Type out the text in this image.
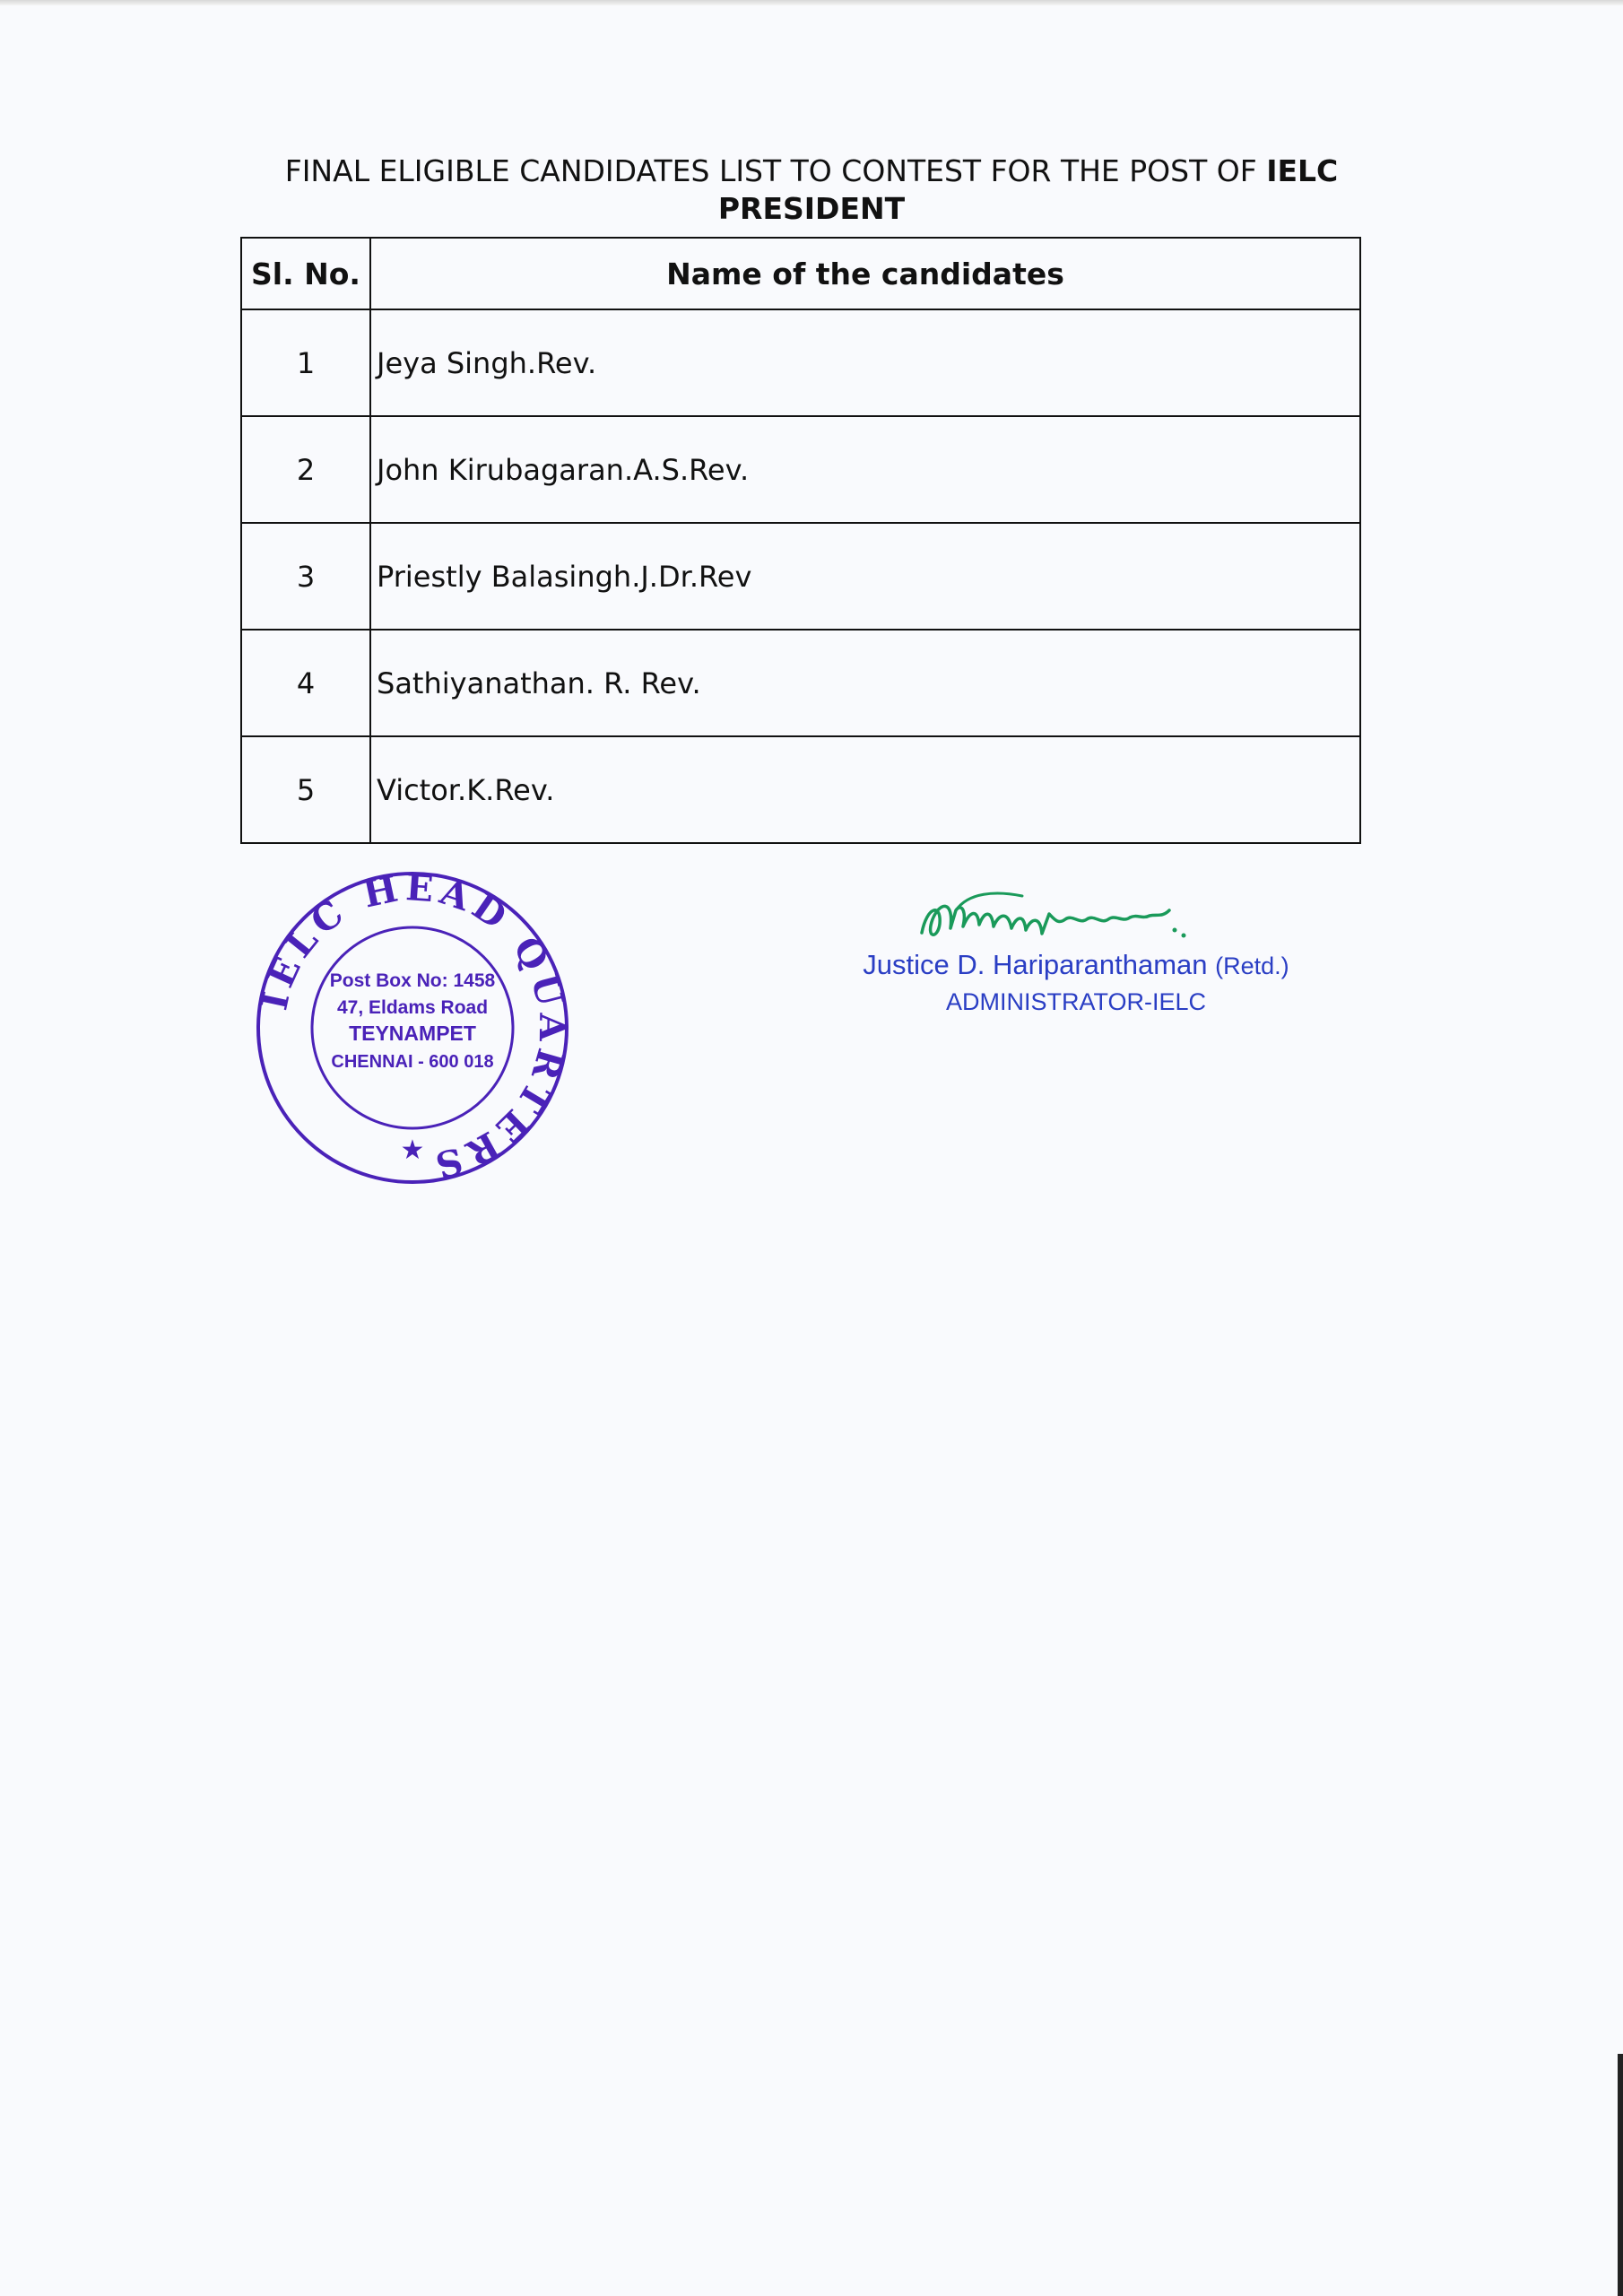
FINAL ELIGIBLE CANDIDATES LIST TO CONTEST FOR THE POST OF IELC
PRESIDENT
Sl. No.	Name of the candidates
1	Jeya Singh.Rev.
2	John Kirubagaran.A.S.Rev.
3	Priestly Balasingh.J.Dr.Rev
4	Sathiyanathan. R. Rev.
5	Victor.K.Rev.
IELC HEAD QUARTERS
Post Box No: 1458
47, Eldams Road
TEYNAMPET
CHENNAI - 600 018
★
Justice D. Hariparanthaman (Retd.)
ADMINISTRATOR-IELC
